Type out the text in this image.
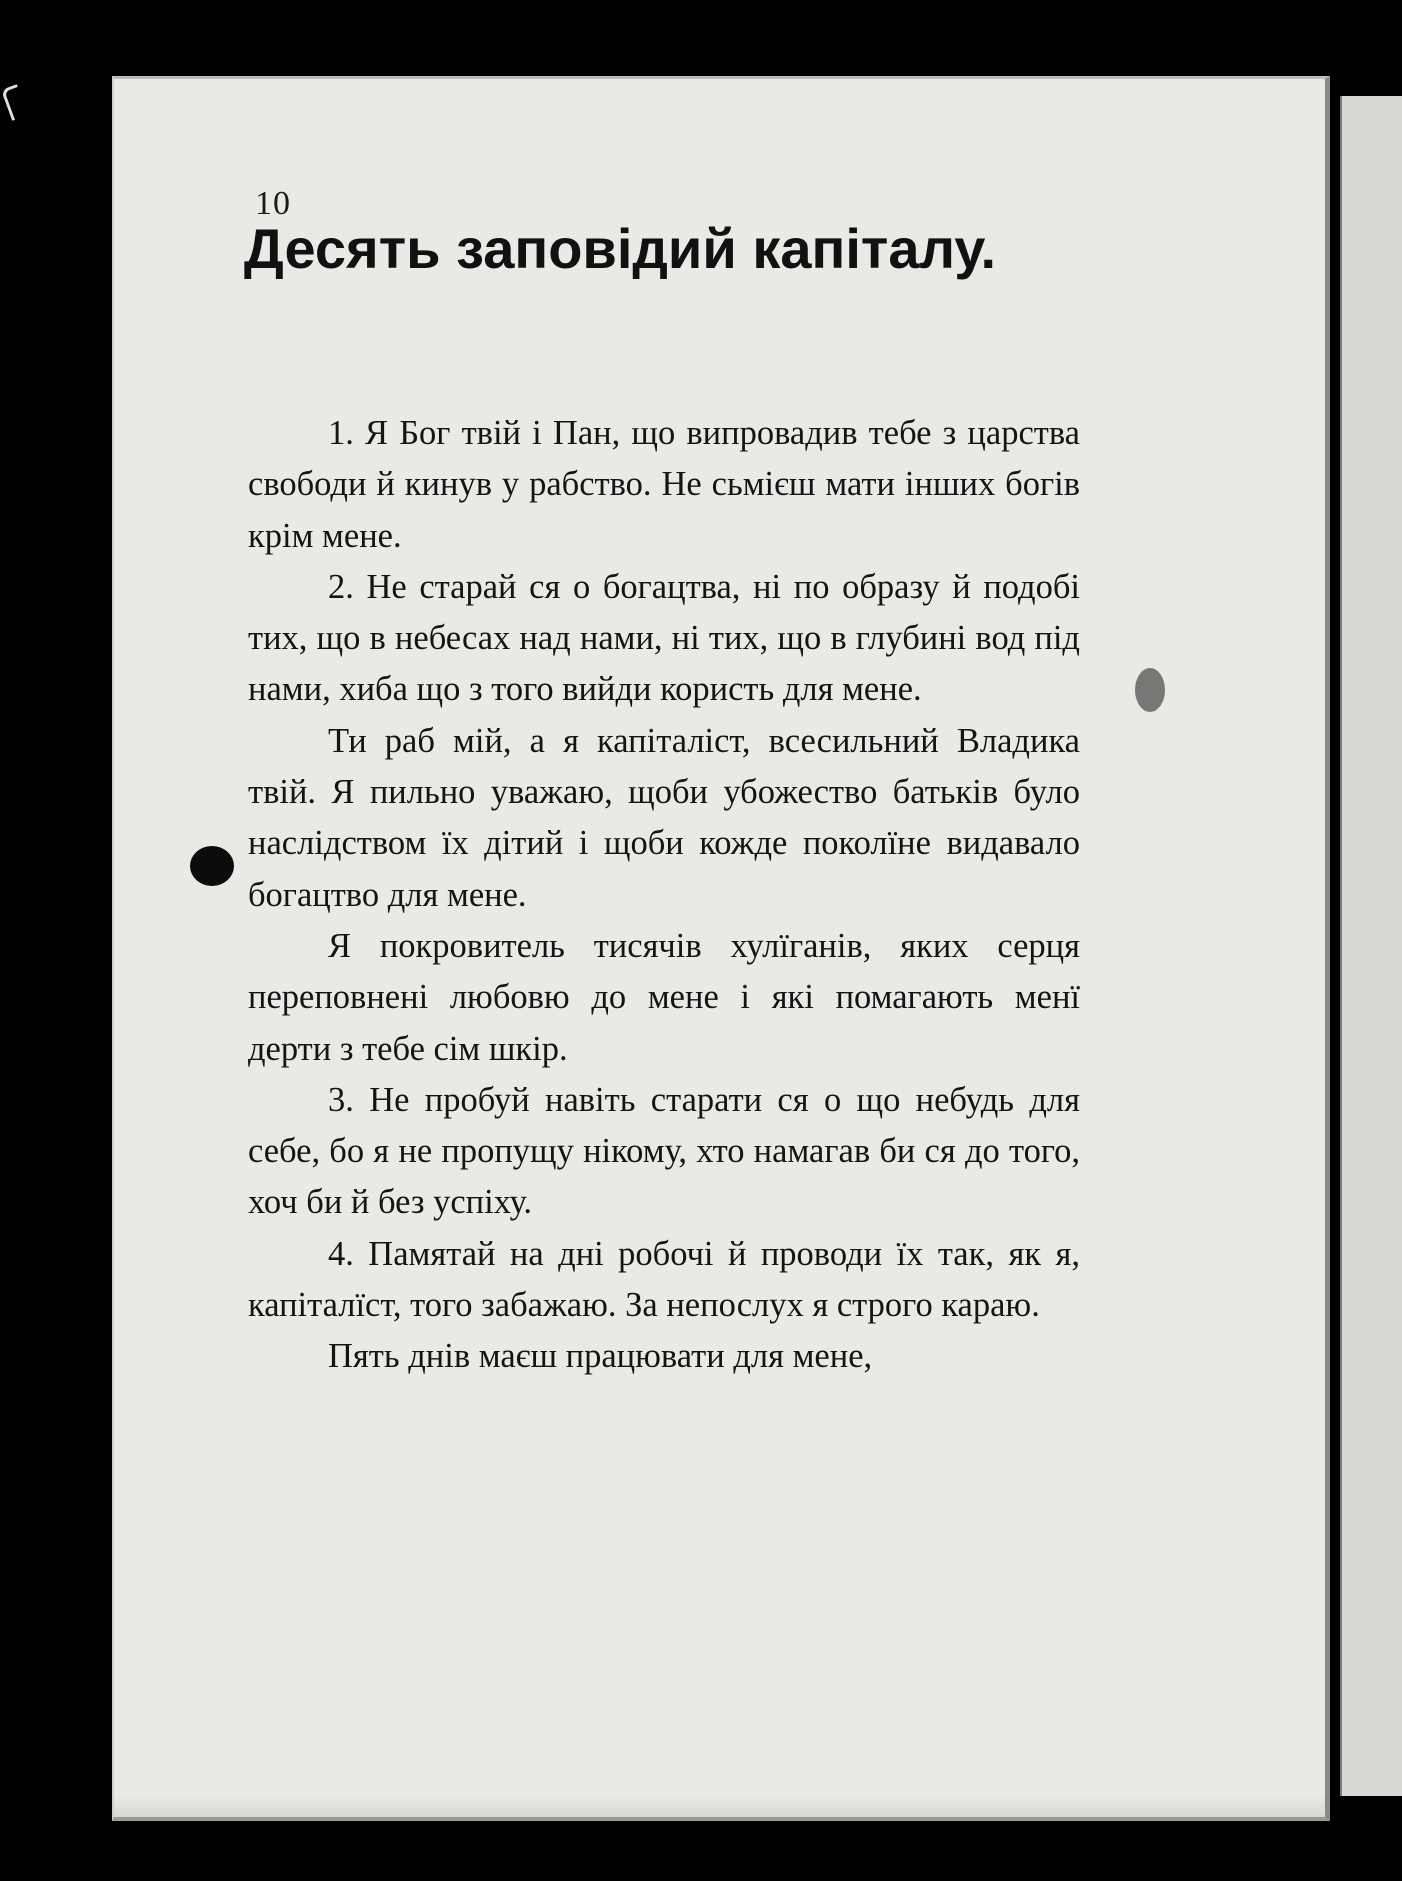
10
Десять заповідий капіталу.

1. Я Бог твій і Пан, що випровадив тебе з царства свободи й кинув у рабство. Не сьмієш мати інших богів крім мене.

2. Не старай ся о богацтва, ні по образу й подобі тих, що в небесах над нами, ні тих, що в глубині вод під нами, хиба що з того вийди користь для мене.

Ти раб мій, а я капіталіст, всесильний Владика твій. Я пильно уважаю, щоби убожество батьків було наслідством їх дітий і щоби кожде поколїне видавало богацтво для мене.

Я покровитель тисячів хулїганів, яких серця переповнені любовю до мене і які помагають менї дерти з тебе сім шкір.

3. Не пробуй навіть старати ся о що небудь для себе, бо я не пропущу нікому, хто намагав би ся до того, хоч би й без успіху.

4. Памятай на дні робочі й проводи їх так, як я, капіталїст, того забажаю. За непослух я строго караю.

Пять днів маєш працювати для мене,
